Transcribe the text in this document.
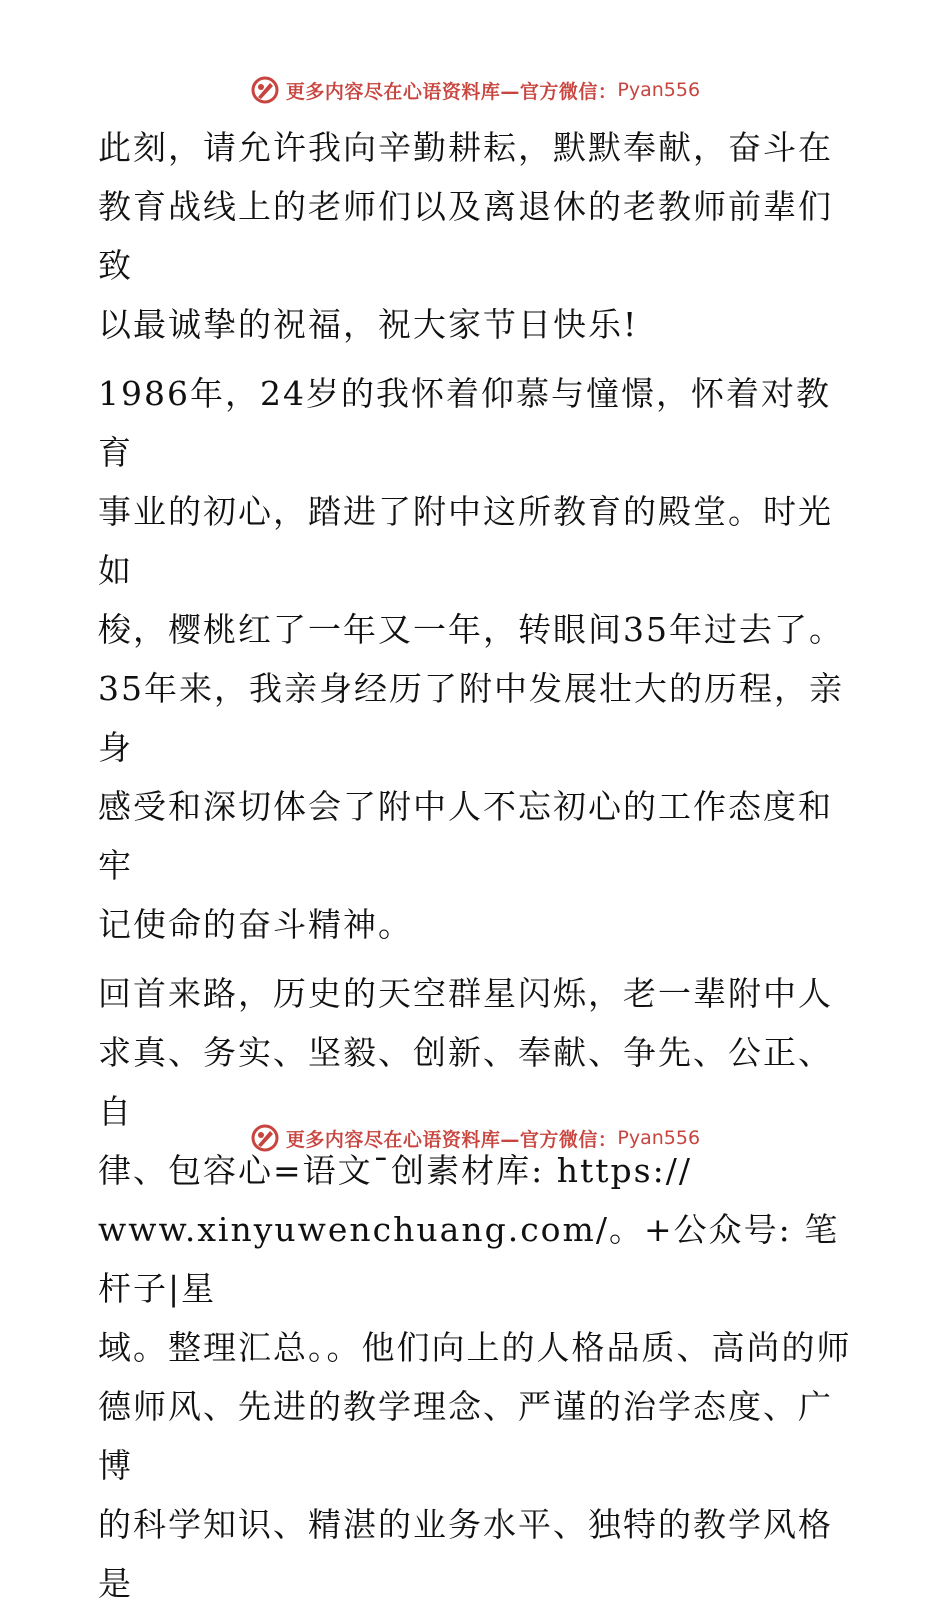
更多内容尽在心语资料库—官方微信： Pyan556

此刻，请允许我向辛勤耕耘，默默奉献，奋斗在
教育战线上的老师们以及离退休的老教师前辈们致
以最诚挚的祝福，祝大家节日快乐!

1986年，24岁的我怀着仰慕与憧憬，怀着对教育
事业的初心，踏进了附中这所教育的殿堂。时光如
梭，樱桃红了一年又一年，转眼间35年过去了。
35年来，我亲身经历了附中发展壮大的历程，亲身
感受和深切体会了附中人不忘初心的工作态度和牢
记使命的奋斗精神。

回首来路，历史的天空群星闪烁，老一辈附中人
求真、务实、坚毅、创新、奉献、争先、公正、自
律、包容心=语文¯创素材库: https://
www.xinyuwenchuang.com/。+公众号: 笔杆子|星
域。整理汇总。。他们向上的人格品质、高尚的师
德师风、先进的教学理念、严谨的治学态度、广博
的科学知识、精湛的业务水平、独特的教学风格是

更多内容尽在心语资料库—官方微信： Pyan556
